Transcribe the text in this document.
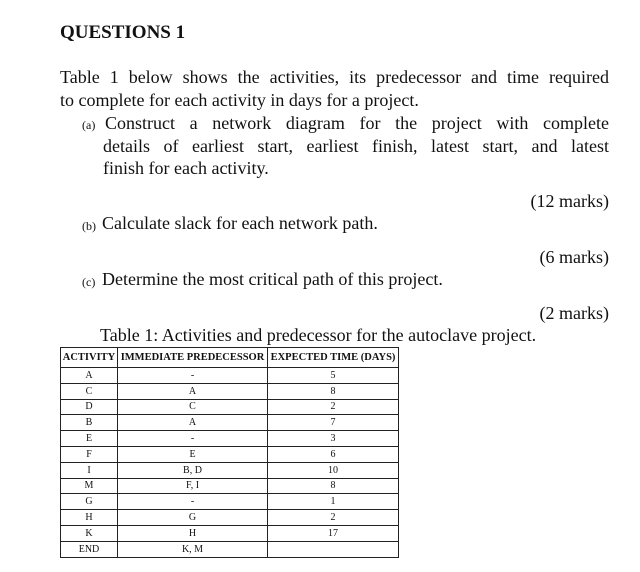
QUESTIONS 1
Table 1 below shows the activities, its predecessor and time required
to complete for each activity in days for a project.
(a) Construct a network diagram for the project with complete
details of earliest start, earliest finish, latest start, and latest
finish for each activity.
(12 marks)
(b) Calculate slack for each network path.
(6 marks)
(c) Determine the most critical path of this project.
(2 marks)
Table 1: Activities and predecessor for the autoclave project.
ACTIVITY	IMMEDIATE PREDECESSOR	EXPECTED TIME (DAYS)
A	-	5
C	A	8
D	C	2
B	A	7
E	-	3
F	E	6
I	B, D	10
M	F, I	8
G	-	1
H	G	2
K	H	17
END	K, M	
